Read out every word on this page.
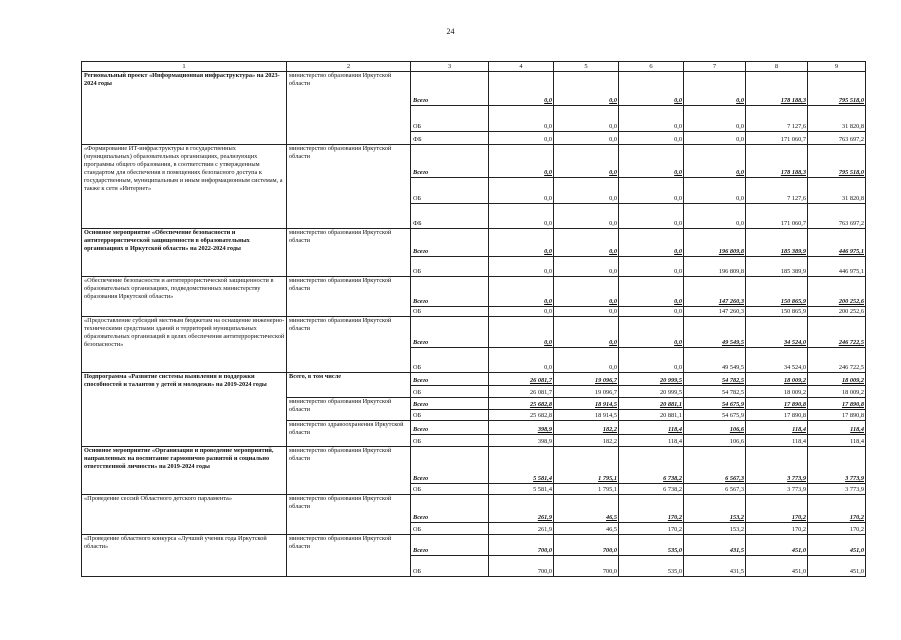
24
1	2	3	4	5	6	7	8	9
Региональный проект «Информационная инфраструктура» на 2023-2024 годы	министерство образования Иркутской области	Всего	0,0	0,0	0,0	0,0	178 188,3	795 518,0
		ОБ	0,0	0,0	0,0	0,0	7 127,6	31 820,8
		ФБ	0,0	0,0	0,0	0,0	171 060,7	763 697,2
«Формирование ИТ-инфраструктуры в государственных (муниципальных) образовательных организациях, реализующих программы общего образования, в соответствии с утвержденным стандартом для обеспечения в помещениях безопасного доступа к государственным, муниципальным и иным информационным системам, а также к сети «Интернет»	министерство образования Иркутской области	Всего	0,0	0,0	0,0	0,0	178 188,3	795 518,0
		ОБ	0,0	0,0	0,0	0,0	7 127,6	31 820,8
		ФБ	0,0	0,0	0,0	0,0	171 060,7	763 697,2
Основное мероприятие «Обеспечение безопасности и антитеррористической защищенности в образовательных организациях в Иркутской области» на 2022-2024 годы	министерство образования Иркутской области	Всего	0,0	0,0	0,0	196 809,8	185 389,9	446 975,1
		ОБ	0,0	0,0	0,0	196 809,8	185 389,9	446 975,1
«Обеспечение безопасности и антитеррористической защищенности в образовательных организациях, подведомственных министерству образования Иркутской области»	министерство образования Иркутской области	Всего	0,0	0,0	0,0	147 260,3	150 865,9	200 252,6
		ОБ	0,0	0,0	0,0	147 260,3	150 865,9	200 252,6
«Предоставление субсидий местным бюджетам на оснащение инженерно-техническими средствами зданий и территорий муниципальных образовательных организаций в целях обеспечения антитеррористической безопасности»	министерство образования Иркутской области	Всего	0,0	0,0	0,0	49 549,5	34 524,0	246 722,5
		ОБ	0,0	0,0	0,0	49 549,5	34 524,0	246 722,5
Подпрограмма «Развитие системы выявления и поддержки способностей и талантов у детей и молодежи» на 2019-2024 годы	Всего, в том числе	Всего	26 081,7	19 096,7	20 999,5	54 782,5	18 009,2	18 009,2
		ОБ	26 081,7	19 096,7	20 999,5	54 782,5	18 009,2	18 009,2
	министерство образования Иркутской области	Всего	25 682,8	18 914,5	20 881,1	54 675,9	17 890,8	17 890,8
		ОБ	25 682,8	18 914,5	20 881,1	54 675,9	17 890,8	17 890,8
	министерство здравоохранения Иркутской области	Всего	398,9	182,2	118,4	106,6	118,4	118,4
		ОБ	398,9	182,2	118,4	106,6	118,4	118,4
Основное мероприятие «Организация и проведение мероприятий, направленных на воспитание гармонично развитой и социально ответственной личности» на 2019-2024 годы	министерство образования Иркутской области	Всего	5 581,4	1 795,1	6 738,2	6 567,3	3 773,9	3 773,9
		ОБ	5 581,4	1 795,1	6 738,2	6 567,3	3 773,9	3 773,9
«Проведение сессий Областного детского парламента»	министерство образования Иркутской области	Всего	261,9	46,5	170,2	153,2	170,2	170,2
		ОБ	261,9	46,5	170,2	153,2	170,2	170,2
«Проведение областного конкурса «Лучший ученик года Иркутской области»	министерство образования Иркутской области	Всего	700,0	700,0	535,0	431,5	451,0	451,0
		ОБ	700,0	700,0	535,0	431,5	451,0	451,0
